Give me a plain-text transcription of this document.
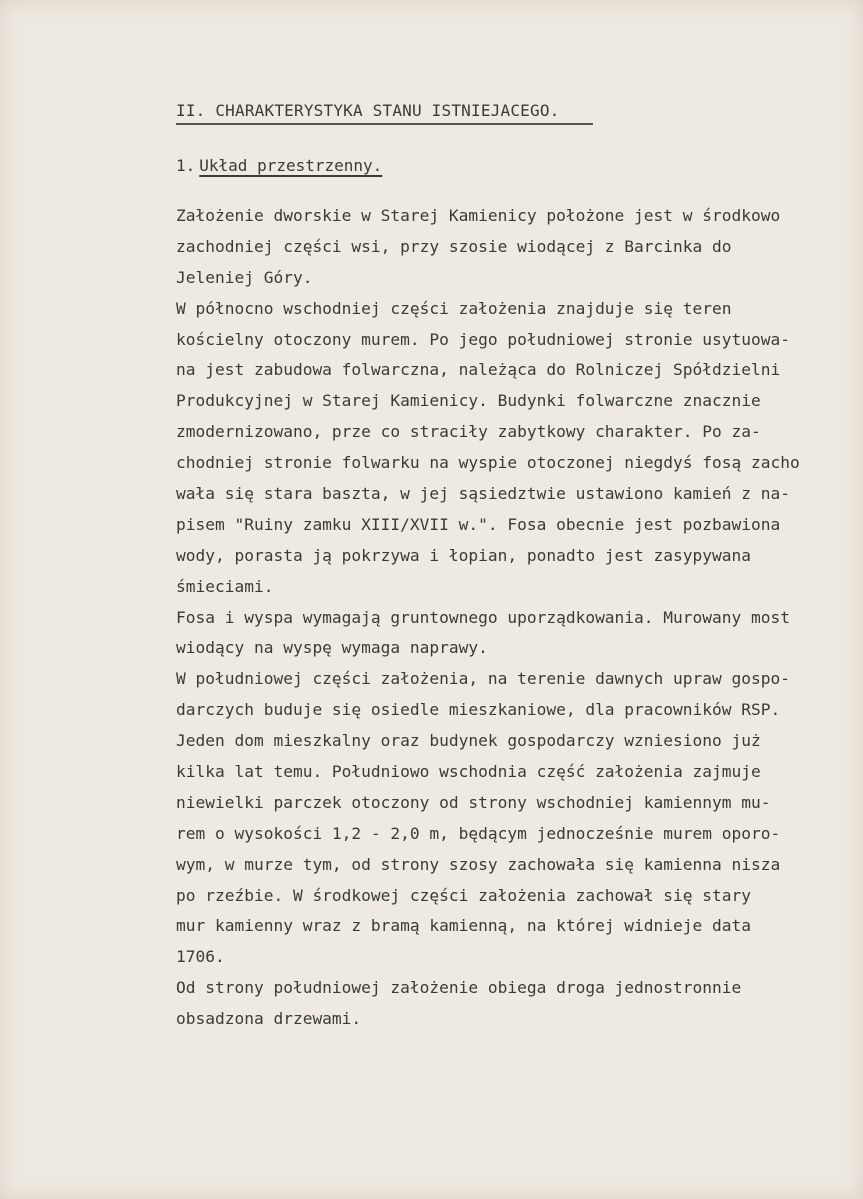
II. CHARAKTERYSTYKA STANU ISTNIEJACEGO.
1. Układ przestrzenny.
Założenie dworskie w Starej Kamienicy położone jest w środkowo
zachodniej części wsi, przy szosie wiodącej z Barcinka do
Jeleniej Góry.
W północno wschodniej części założenia znajduje się teren
kościelny otoczony murem. Po jego południowej stronie usytuowa-
na jest zabudowa folwarczna, należąca do Rolniczej Spółdzielni
Produkcyjnej w Starej Kamienicy. Budynki folwarczne znacznie
zmodernizowano, prze co straciły zabytkowy charakter. Po za-
chodniej stronie folwarku na wyspie otoczonej niegdyś fosą zacho
wała się stara baszta, w jej sąsiedztwie ustawiono kamień z na-
pisem "Ruiny zamku XIII/XVII w.". Fosa obecnie jest pozbawiona
wody, porasta ją pokrzywa i łopian, ponadto jest zasypywana
śmieciami.
Fosa i wyspa wymagają gruntownego uporządkowania. Murowany most
wiodący na wyspę wymaga naprawy.
W południowej części założenia, na terenie dawnych upraw gospo-
darczych buduje się osiedle mieszkaniowe, dla pracowników RSP.
Jeden dom mieszkalny oraz budynek gospodarczy wzniesiono już
kilka lat temu. Południowo wschodnia część założenia zajmuje
niewielki parczek otoczony od strony wschodniej kamiennym mu-
rem o wysokości 1,2 - 2,0 m, będącym jednocześnie murem oporo-
wym, w murze tym, od strony szosy zachowała się kamienna nisza
po rzeźbie. W środkowej części założenia zachował się stary
mur kamienny wraz z bramą kamienną, na której widnieje data
1706.
Od strony południowej założenie obiega droga jednostronnie
obsadzona drzewami.
